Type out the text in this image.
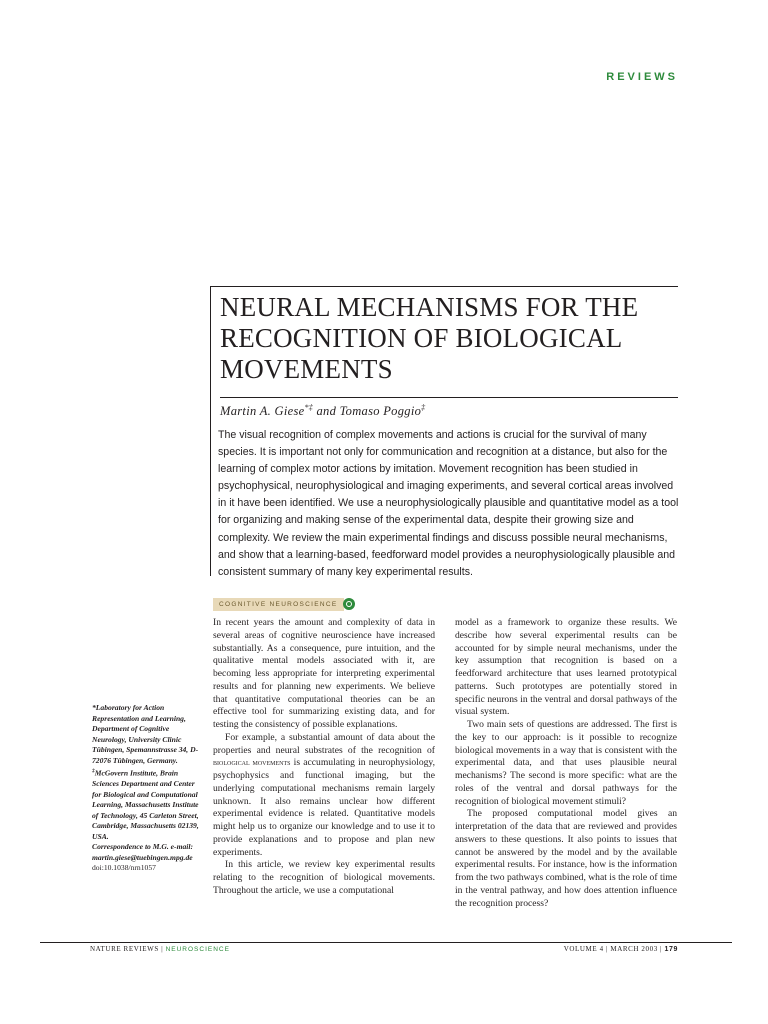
REVIEWS
NEURAL MECHANISMS FOR THE RECOGNITION OF BIOLOGICAL MOVEMENTS
Martin A. Giese*‡ and Tomaso Poggio‡

The visual recognition of complex movements and actions is crucial for the survival of many species. It is important not only for communication and recognition at a distance, but also for the learning of complex motor actions by imitation. Movement recognition has been studied in psychophysical, neurophysiological and imaging experiments, and several cortical areas involved in it have been identified. We use a neurophysiologically plausible and quantitative model as a tool for organizing and making sense of the experimental data, despite their growing size and complexity. We review the main experimental findings and discuss possible neural mechanisms, and show that a learning-based, feedforward model provides a neurophysiologically plausible and consistent summary of many key experimental results.

COGNITIVE NEUROSCIENCE

In recent years the amount and complexity of data in several areas of cognitive neuroscience have increased substantially. As a consequence, pure intuition, and the qualitative mental models associated with it, are becoming less appropriate for interpreting experimental results and for planning new experiments. We believe that quantitative computational theories can be an effective tool for summarizing existing data, and for testing the consistency of possible explanations.

For example, a substantial amount of data about the properties and neural substrates of the recognition of biological movements is accumulating in neurophysiology, psychophysics and functional imaging, but the underlying computational mechanisms remain largely unknown. It also remains unclear how different experimental evidence is related. Quantitative models might help us to organize our knowledge and to use it to provide explanations and to propose and plan new experiments.

In this article, we review key experimental results relating to the recognition of biological movements. Throughout the article, we use a computational

model as a framework to organize these results. We describe how several experimental results can be accounted for by simple neural mechanisms, under the key assumption that recognition is based on a feedforward architecture that uses learned prototypical patterns. Such prototypes are potentially stored in specific neurons in the ventral and dorsal pathways of the visual system.

Two main sets of questions are addressed. The first is the key to our approach: is it possible to recognize biological movements in a way that is consistent with the experimental data, and that uses plausible neural mechanisms? The second is more specific: what are the roles of the ventral and dorsal pathways for the recognition of biological movement stimuli?

The proposed computational model gives an interpretation of the data that are reviewed and provides answers to these questions. It also points to issues that cannot be answered by the model and by the available experimental results. For instance, how is the information from the two pathways combined, what is the role of time in the ventral pathway, and how does attention influence the recognition process?

*Laboratory for Action Representation and Learning, Department of Cognitive Neurology, University Clinic Tübingen, Spemannstrasse 34, D-72076 Tübingen, Germany.
‡McGovern Institute, Brain Sciences Department and Center for Biological and Computational Learning, Massachusetts Institute of Technology, 45 Carleton Street, Cambridge, Massachusetts 02139, USA.
Correspondence to M.G. e-mail: martin.giese@tuebingen.mpg.de
doi:10.1038/nrn1057
NATURE REVIEWS | NEUROSCIENCE	VOLUME 4 | MARCH 2003 | 179
